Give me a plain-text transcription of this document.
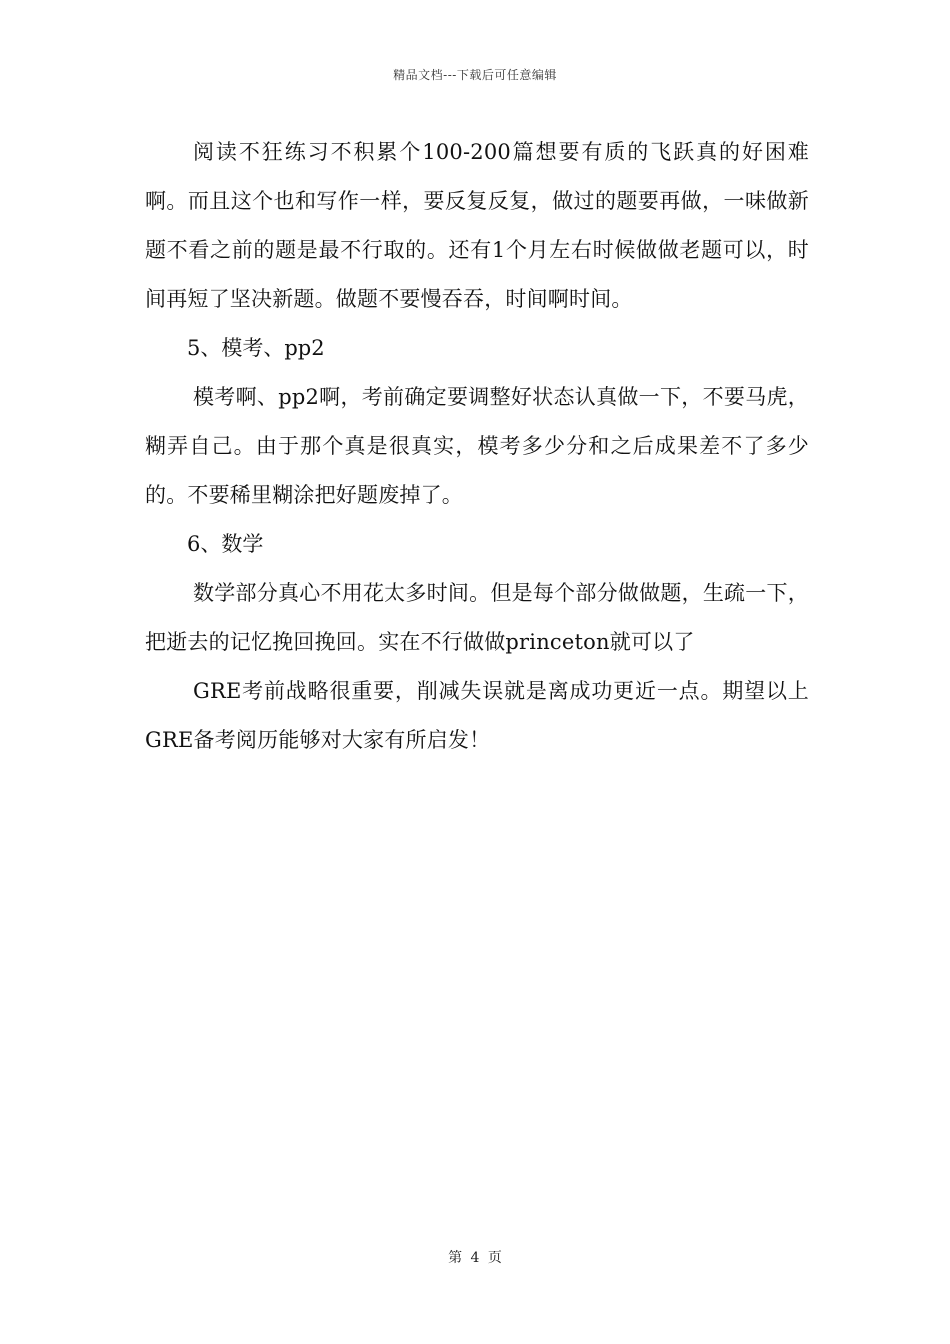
精品文档---下载后可任意编辑

阅读不狂练习不积累个100-200篇想要有质的飞跃真的好困难啊。而且这个也和写作一样，要反复反复，做过的题要再做，一味做新题不看之前的题是最不行取的。还有1个月左右时候做做老题可以，时间再短了坚决新题。做题不要慢吞吞，时间啊时间。

5、模考、pp2

模考啊、pp2啊，考前确定要调整好状态认真做一下，不要马虎，糊弄自己。由于那个真是很真实，模考多少分和之后成果差不了多少的。不要稀里糊涂把好题废掉了。

6、数学

数学部分真心不用花太多时间。但是每个部分做做题，生疏一下，把逝去的记忆挽回挽回。实在不行做做princeton就可以了

GRE考前战略很重要，削减失误就是离成功更近一点。期望以上GRE备考阅历能够对大家有所启发！

第 4 页
